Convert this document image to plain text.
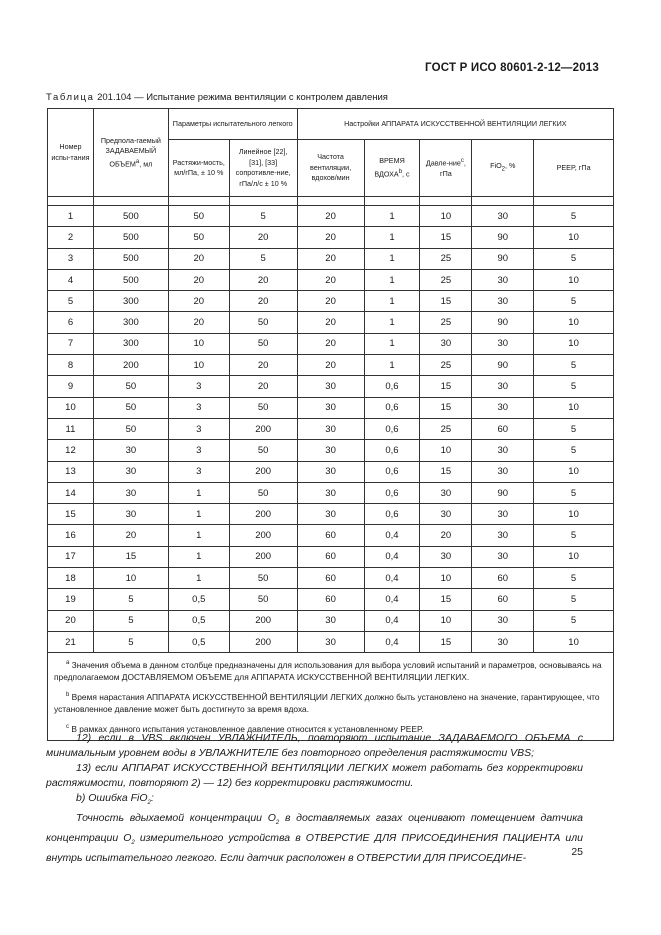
ГОСТ Р ИСО 80601-2-12—2013
Таблица 201.104 — Испытание режима вентиляции с контролем давления
Номер испы-тания	Предпола-гаемый ЗАДАВАЕМЫЙ ОБЪЕМ$^a$, мл	Параметры испытательного легкого		Настройки АППАРАТА ИСКУССТВЕННОЙ ВЕНТИЛЯЦИИ ЛЕГКИХ				
		Растяжи-мость, мл/гПа, ± 10 %	Линейное [22], [31], [33] сопротивле-ние, гПа/л/с ± 10 %	Частота вентиляции, вдохов/мин	ВРЕМЯ ВДОХА$^b$, с	Давле-ние$^c$, гПа	FiO$_2$, %	PEEP, гПа

1	500	50	5	20	1	10	30	5
2	500	50	20	20	1	15	90	10
3	500	20	5	20	1	25	90	5
4	500	20	20	20	1	25	30	10
5	300	20	20	20	1	15	30	5
6	300	20	50	20	1	25	90	10
7	300	10	50	20	1	30	30	10
8	200	10	20	20	1	25	90	5
9	50	3	20	30	0,6	15	30	5
10	50	3	50	30	0,6	15	30	10
11	50	3	200	30	0,6	25	60	5
12	30	3	50	30	0,6	10	30	5
13	30	3	200	30	0,6	15	30	10
14	30	1	50	30	0,6	30	90	5
15	30	1	200	30	0,6	30	30	10
16	20	1	200	60	0,4	20	30	5
17	15	1	200	60	0,4	30	30	10
18	10	1	50	60	0,4	10	60	5
19	5	0,5	50	60	0,4	15	60	5
20	5	0,5	200	30	0,4	10	30	5
21	5	0,5	200	30	0,4	15	30	10

$^a$ Значения объема в данном столбце предназначены для использования для выбора условий испытаний и параметров, основываясь на предполагаемом ДОСТАВЛЯЕМОМ ОБЪЕМЕ для АППАРАТА ИСКУССТВЕННОЙ ВЕНТИЛЯЦИИ ЛЕГКИХ.

$^b$ Время нарастания АППАРАТА ИСКУССТВЕННОЙ ВЕНТИЛЯЦИИ ЛЕГКИХ должно быть установлено на значение, гарантирующее, что установленное давление может быть достигнуто за время вдоха.

$^c$ В рамках данного испытания установленное давление относится к установленному PEEP.								

12) если в VBS включен УВЛАЖНИТЕЛЬ, повторяют испытание ЗАДАВАЕМОГО ОБЪЕМА с минимальным уровнем воды в УВЛАЖНИТЕЛЕ без повторного определения растяжимости VBS;

13) если АППАРАТ ИСКУССТВЕННОЙ ВЕНТИЛЯЦИИ ЛЕГКИХ может работать без корректировки растяжимости, повторяют 2) — 12) без корректировки растяжимости.

b) Ошибка FiO$_2$:

Точность вдыхаемой концентрации $O_2$ в доставляемых газах оценивают помещением датчика концентрации $O_2$ измерительного устройства в ОТВЕРСТИЕ ДЛЯ ПРИСОЕДИНЕНИЯ ПАЦИЕНТА или внутрь испытательного легкого. Если датчик расположен в ОТВЕРСТИИ ДЛЯ ПРИСОЕДИНЕ-

25
